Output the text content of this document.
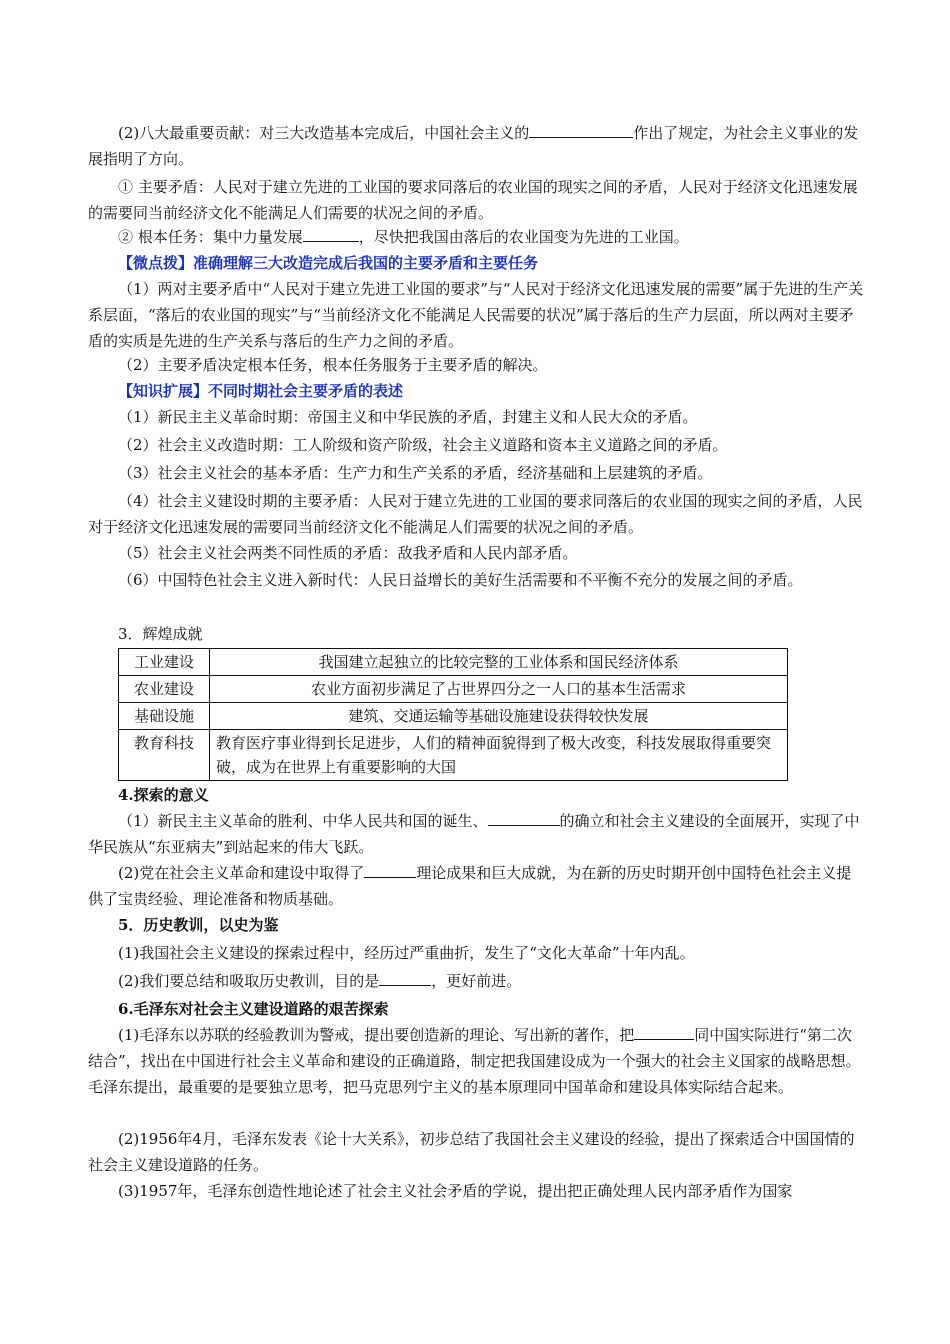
(2)八大最重要贡献：对三大改造基本完成后，中国社会主义的	作出了规定，为社会主义事业的发展指明了方向。

① 主要矛盾：人民对于建立先进的工业国的要求同落后的农业国的现实之间的矛盾，人民对于经济文化迅速发展的需要同当前经济文化不能满足人们需要的状况之间的矛盾。

② 根本任务：集中力量发展	，尽快把我国由落后的农业国变为先进的工业国。

【微点拨】准确理解三大改造完成后我国的主要矛盾和主要任务

（1）两对主要矛盾中“人民对于建立先进工业国的要求”与“人民对于经济文化迅速发展的需要”属于先进的生产关系层面，“落后的农业国的现实”与“当前经济文化不能满足人民需要的状况”属于落后的生产力层面，所以两对主要矛盾的实质是先进的生产关系与落后的生产力之间的矛盾。

（2）主要矛盾决定根本任务，根本任务服务于主要矛盾的解决。

【知识扩展】不同时期社会主要矛盾的表述

（1）新民主主义革命时期：帝国主义和中华民族的矛盾，封建主义和人民大众的矛盾。

（2）社会主义改造时期：工人阶级和资产阶级，社会主义道路和资本主义道路之间的矛盾。

（3）社会主义社会的基本矛盾：生产力和生产关系的矛盾，经济基础和上层建筑的矛盾。

（4）社会主义建设时期的主要矛盾：人民对于建立先进的工业国的要求同落后的农业国的现实之间的矛盾，人民对于经济文化迅速发展的需要同当前经济文化不能满足人们需要的状况之间的矛盾。

（5）社会主义社会两类不同性质的矛盾：敌我矛盾和人民内部矛盾。

（6）中国特色社会主义进入新时代：人民日益增长的美好生活需要和不平衡不充分的发展之间的矛盾。

3．辉煌成就

工业建设	我国建立起独立的比较完整的工业体系和国民经济体系
农业建设	农业方面初步满足了占世界四分之一人口的基本生活需求
基础设施	建筑、交通运输等基础设施建设获得较快发展
教育科技	教育医疗事业得到长足进步，人们的精神面貌得到了极大改变，科技发展取得重要突破，成为在世界上有重要影响的大国

4.探索的意义

（1）新民主主义革命的胜利、中华人民共和国的诞生、	的确立和社会主义建设的全面展开，实现了中华民族从“东亚病夫”到站起来的伟大飞跃。

(2)党在社会主义革命和建设中取得了	理论成果和巨大成就，为在新的历史时期开创中国特色社会主义提供了宝贵经验、理论准备和物质基础。

5．历史教训，以史为鉴

(1)我国社会主义建设的探索过程中，经历过严重曲折，发生了“文化大革命”十年内乱。

(2)我们要总结和吸取历史教训，目的是	，更好前进。

6.毛泽东对社会主义建设道路的艰苦探索

(1)毛泽东以苏联的经验教训为警戒，提出要创造新的理论、写出新的著作，把	同中国实际进行“第二次结合”，找出在中国进行社会主义革命和建设的正确道路，制定把我国建设成为一个强大的社会主义国家的战略思想。毛泽东提出，最重要的是要独立思考，把马克思列宁主义的基本原理同中国革命和建设具体实际结合起来。

(2)1956年4月，毛泽东发表《论十大关系》，初步总结了我国社会主义建设的经验，提出了探索适合中国国情的社会主义建设道路的任务。

(3)1957年，毛泽东创造性地论述了社会主义社会矛盾的学说，提出把正确处理人民内部矛盾作为国家
